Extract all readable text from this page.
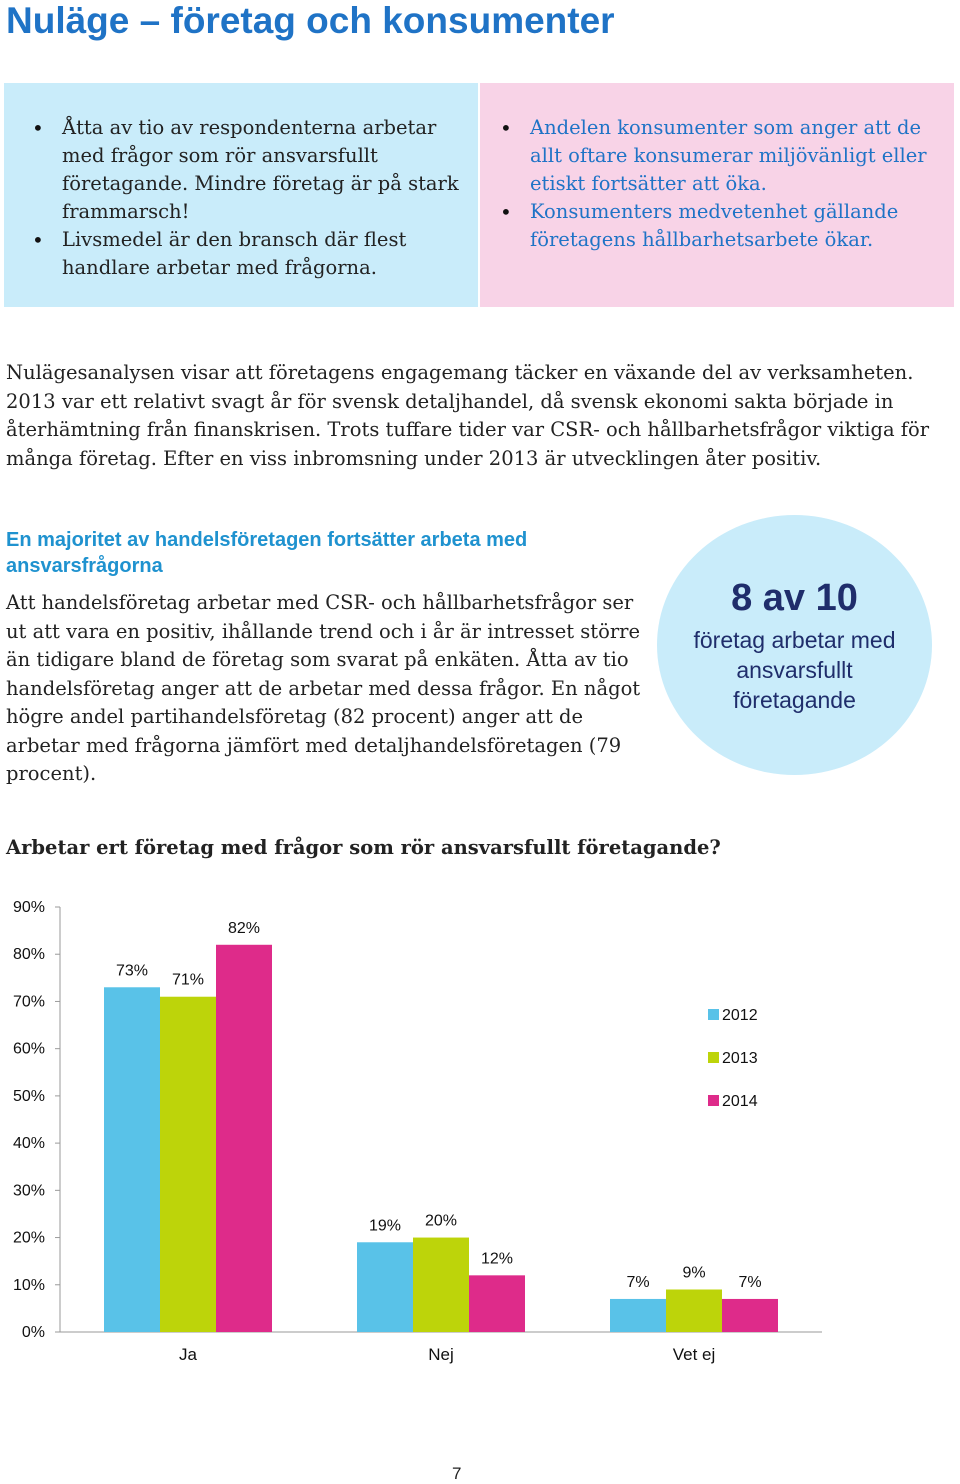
Nuläge – företag och konsumenter
• Åtta av tio av respondenterna arbetar med frågor som rör ansvarsfullt företagande. Mindre företag är på stark frammarsch!
• Livsmedel är den bransch där flest handlare arbetar med frågorna.
• Andelen konsumenter som anger att de allt oftare konsumerar miljövänligt eller etiskt fortsätter att öka.
• Konsumenters medvetenhet gällande företagens hållbarhetsarbete ökar.

Nulägesanalysen visar att företagens engagemang täcker en växande del av verksamheten. 2013 var ett relativt svagt år för svensk detaljhandel, då svensk ekonomi sakta började in återhämtning från finanskrisen. Trots tuffare tider var CSR- och hållbarhetsfrågor viktiga för många företag. Efter en viss inbromsning under 2013 är utvecklingen åter positiv.

En majoritet av handelsföretagen fortsätter arbeta med ansvarsfrågorna

Att handelsföretag arbetar med CSR- och hållbarhetsfrågor ser ut att vara en positiv, ihållande trend och i år är intresset större än tidigare bland de företag som svarat på enkäten. Åtta av tio handelsföretag anger att de arbetar med dessa frågor. En något högre andel partihandelsföretag (82 procent) anger att de arbetar med frågorna jämfört med detaljhandelsföretagen (79 procent).

8 av 10
företag arbetar med ansvarsfullt företagande
Arbetar ert företag med frågor som rör ansvarsfullt företagande?
0%
10%
20%
30%
40%
50%
60%
70%
80%
90%
73%
71%
82%
Ja
19% 20%
12%
Nej
7%
9%
7%
Vet ej
2012
2013
2014
7
